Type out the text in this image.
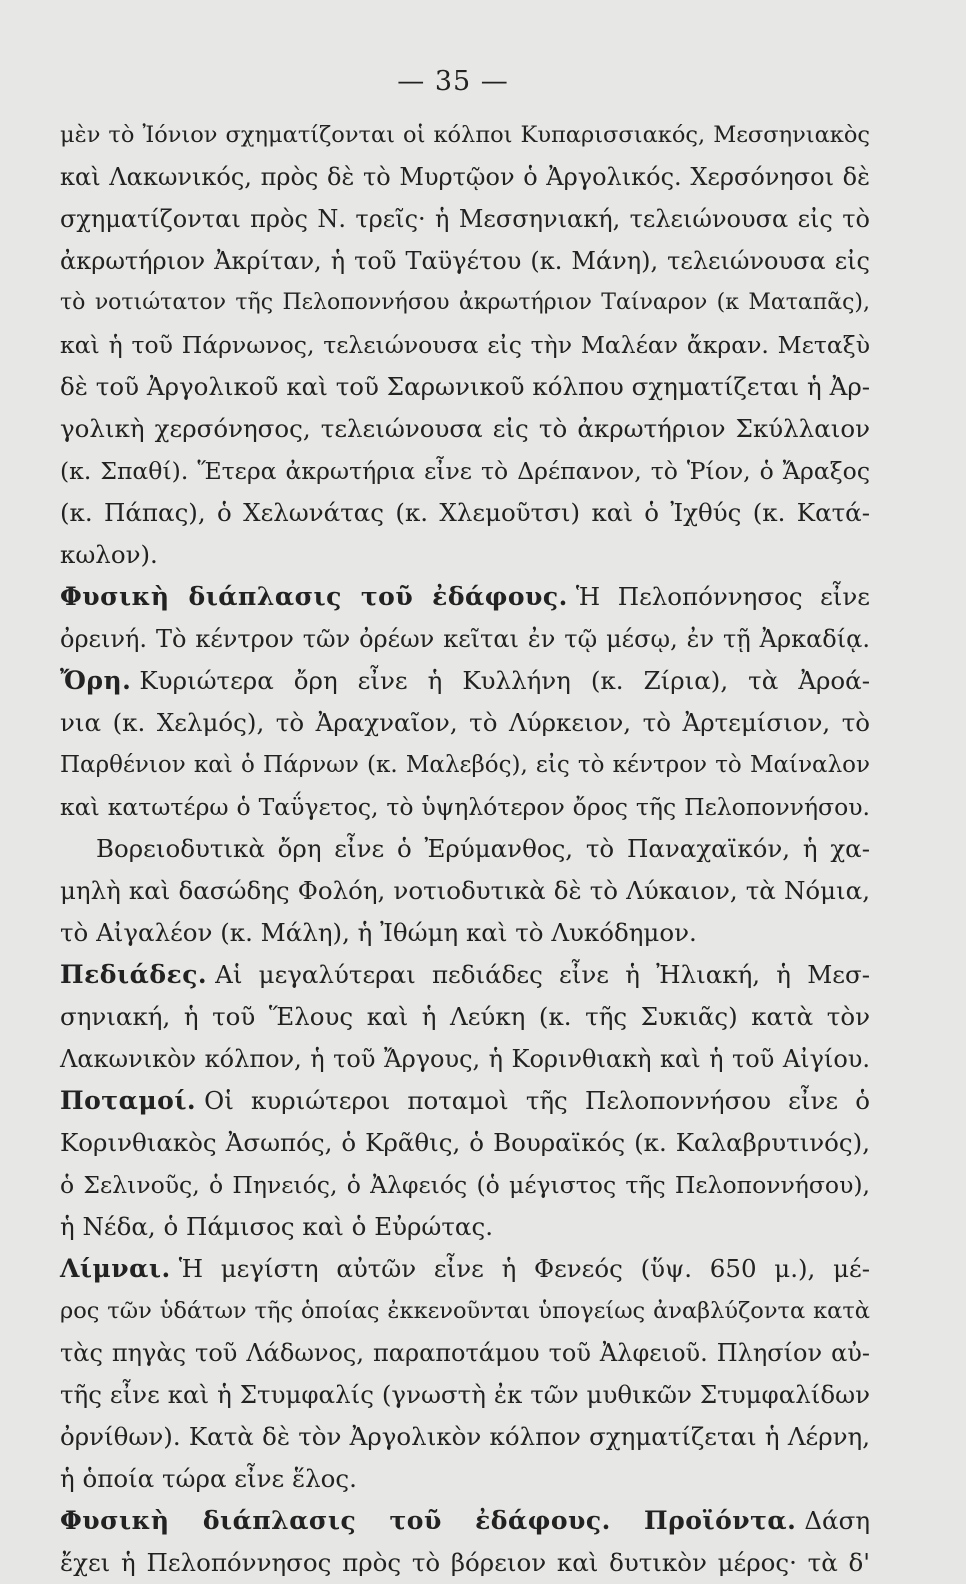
— 35 —
μὲν τὸ Ἰόνιον σχηματίζονται οἱ κόλποι Κυπαρισσιακός, Μεσσηνιακὸς
καὶ Λακωνικός, πρὸς δὲ τὸ Μυρτῷον ὁ Ἀργολικός. Χερσόνησοι δὲ
σχηματίζονται πρὸς Ν. τρεῖς· ἡ Μεσσηνιακή, τελειώνουσα εἰς τὸ
ἀκρωτήριον Ἀκρίταν, ἡ τοῦ Ταϋγέτου (κ. Μάνη), τελειώνουσα εἰς
τὸ νοτιώτατον τῆς Πελοποννήσου ἀκρωτήριον Ταίναρον (κ Ματαπᾶς),
καὶ ἡ τοῦ Πάρνωνος, τελειώνουσα εἰς τὴν Μαλέαν ἄκραν. Μεταξὺ
δὲ τοῦ Ἀργολικοῦ καὶ τοῦ Σαρωνικοῦ κόλπου σχηματίζεται ἡ Ἀρ-
γολικὴ χερσόνησος, τελειώνουσα εἰς τὸ ἀκρωτήριον Σκύλλαιον
(κ. Σπαθί). Ἕτερα ἀκρωτήρια εἶνε τὸ Δρέπανον, τὸ Ῥίον, ὁ Ἄραξος
(κ. Πάπας), ὁ Χελωνάτας (κ. Χλεμοῦτσι) καὶ ὁ Ἰχθύς (κ. Κατά-
κωλον).
Φυσικὴ διάπλασις τοῦ ἐδάφους. Ἡ Πελοπόννησος εἶνε
ὀρεινή. Τὸ κέντρον τῶν ὀρέων κεῖται ἐν τῷ μέσῳ, ἐν τῇ Ἀρκαδίᾳ.
Ὄρη. Κυριώτερα ὄρη εἶνε ἡ Κυλλήνη (κ. Ζίρια), τὰ Ἀροά-
νια (κ. Χελμός), τὸ Ἀραχναῖον, τὸ Λύρκειον, τὸ Ἀρτεμίσιον, τὸ
Παρθένιον καὶ ὁ Πάρνων (κ. Μαλεβός), εἰς τὸ κέντρον τὸ Μαίναλον
καὶ κατωτέρω ὁ Ταΰγετος, τὸ ὑψηλότερον ὄρος τῆς Πελοποννήσου.
Βορειοδυτικὰ ὄρη εἶνε ὁ Ἐρύμανθος, τὸ Παναχαϊκόν, ἡ χα-
μηλὴ καὶ δασώδης Φολόη, νοτιοδυτικὰ δὲ τὸ Λύκαιον, τὰ Νόμια,
τὸ Αἰγαλέον (κ. Μάλη), ἡ Ἰθώμη καὶ τὸ Λυκόδημον.
Πεδιάδες. Αἱ μεγαλύτεραι πεδιάδες εἶνε ἡ Ἠλιακή, ἡ Μεσ-
σηνιακή, ἡ τοῦ Ἕλους καὶ ἡ Λεύκη (κ. τῆς Συκιᾶς) κατὰ τὸν
Λακωνικὸν κόλπον, ἡ τοῦ Ἄργους, ἡ Κορινθιακὴ καὶ ἡ τοῦ Αἰγίου.
Ποταμοί. Οἱ κυριώτεροι ποταμοὶ τῆς Πελοποννήσου εἶνε ὁ
Κορινθιακὸς Ἀσωπός, ὁ Κρᾶθις, ὁ Βουραϊκός (κ. Καλαβρυτινός),
ὁ Σελινοῦς, ὁ Πηνειός, ὁ Ἀλφειός (ὁ μέγιστος τῆς Πελοποννήσου),
ἡ Νέδα, ὁ Πάμισος καὶ ὁ Εὐρώτας.
Λίμναι. Ἡ μεγίστη αὐτῶν εἶνε ἡ Φενεός (ὕψ. 650 μ.), μέ-
ρος τῶν ὑδάτων τῆς ὁποίας ἐκκενοῦνται ὑπογείως ἀναβλύζοντα κατὰ
τὰς πηγὰς τοῦ Λάδωνος, παραποτάμου τοῦ Ἀλφειοῦ. Πλησίον αὐ-
τῆς εἶνε καὶ ἡ Στυμφαλίς (γνωστὴ ἐκ τῶν μυθικῶν Στυμφαλίδων
ὀρνίθων). Κατὰ δὲ τὸν Ἀργολικὸν κόλπον σχηματίζεται ἡ Λέρνη,
ἡ ὁποία τώρα εἶνε ἕλος.
Φυσικὴ διάπλασις τοῦ ἐδάφους. Προϊόντα. Δάση
ἔχει ἡ Πελοπόννησος πρὸς τὸ βόρειον καὶ δυτικὸν μέρος· τὰ δ'
